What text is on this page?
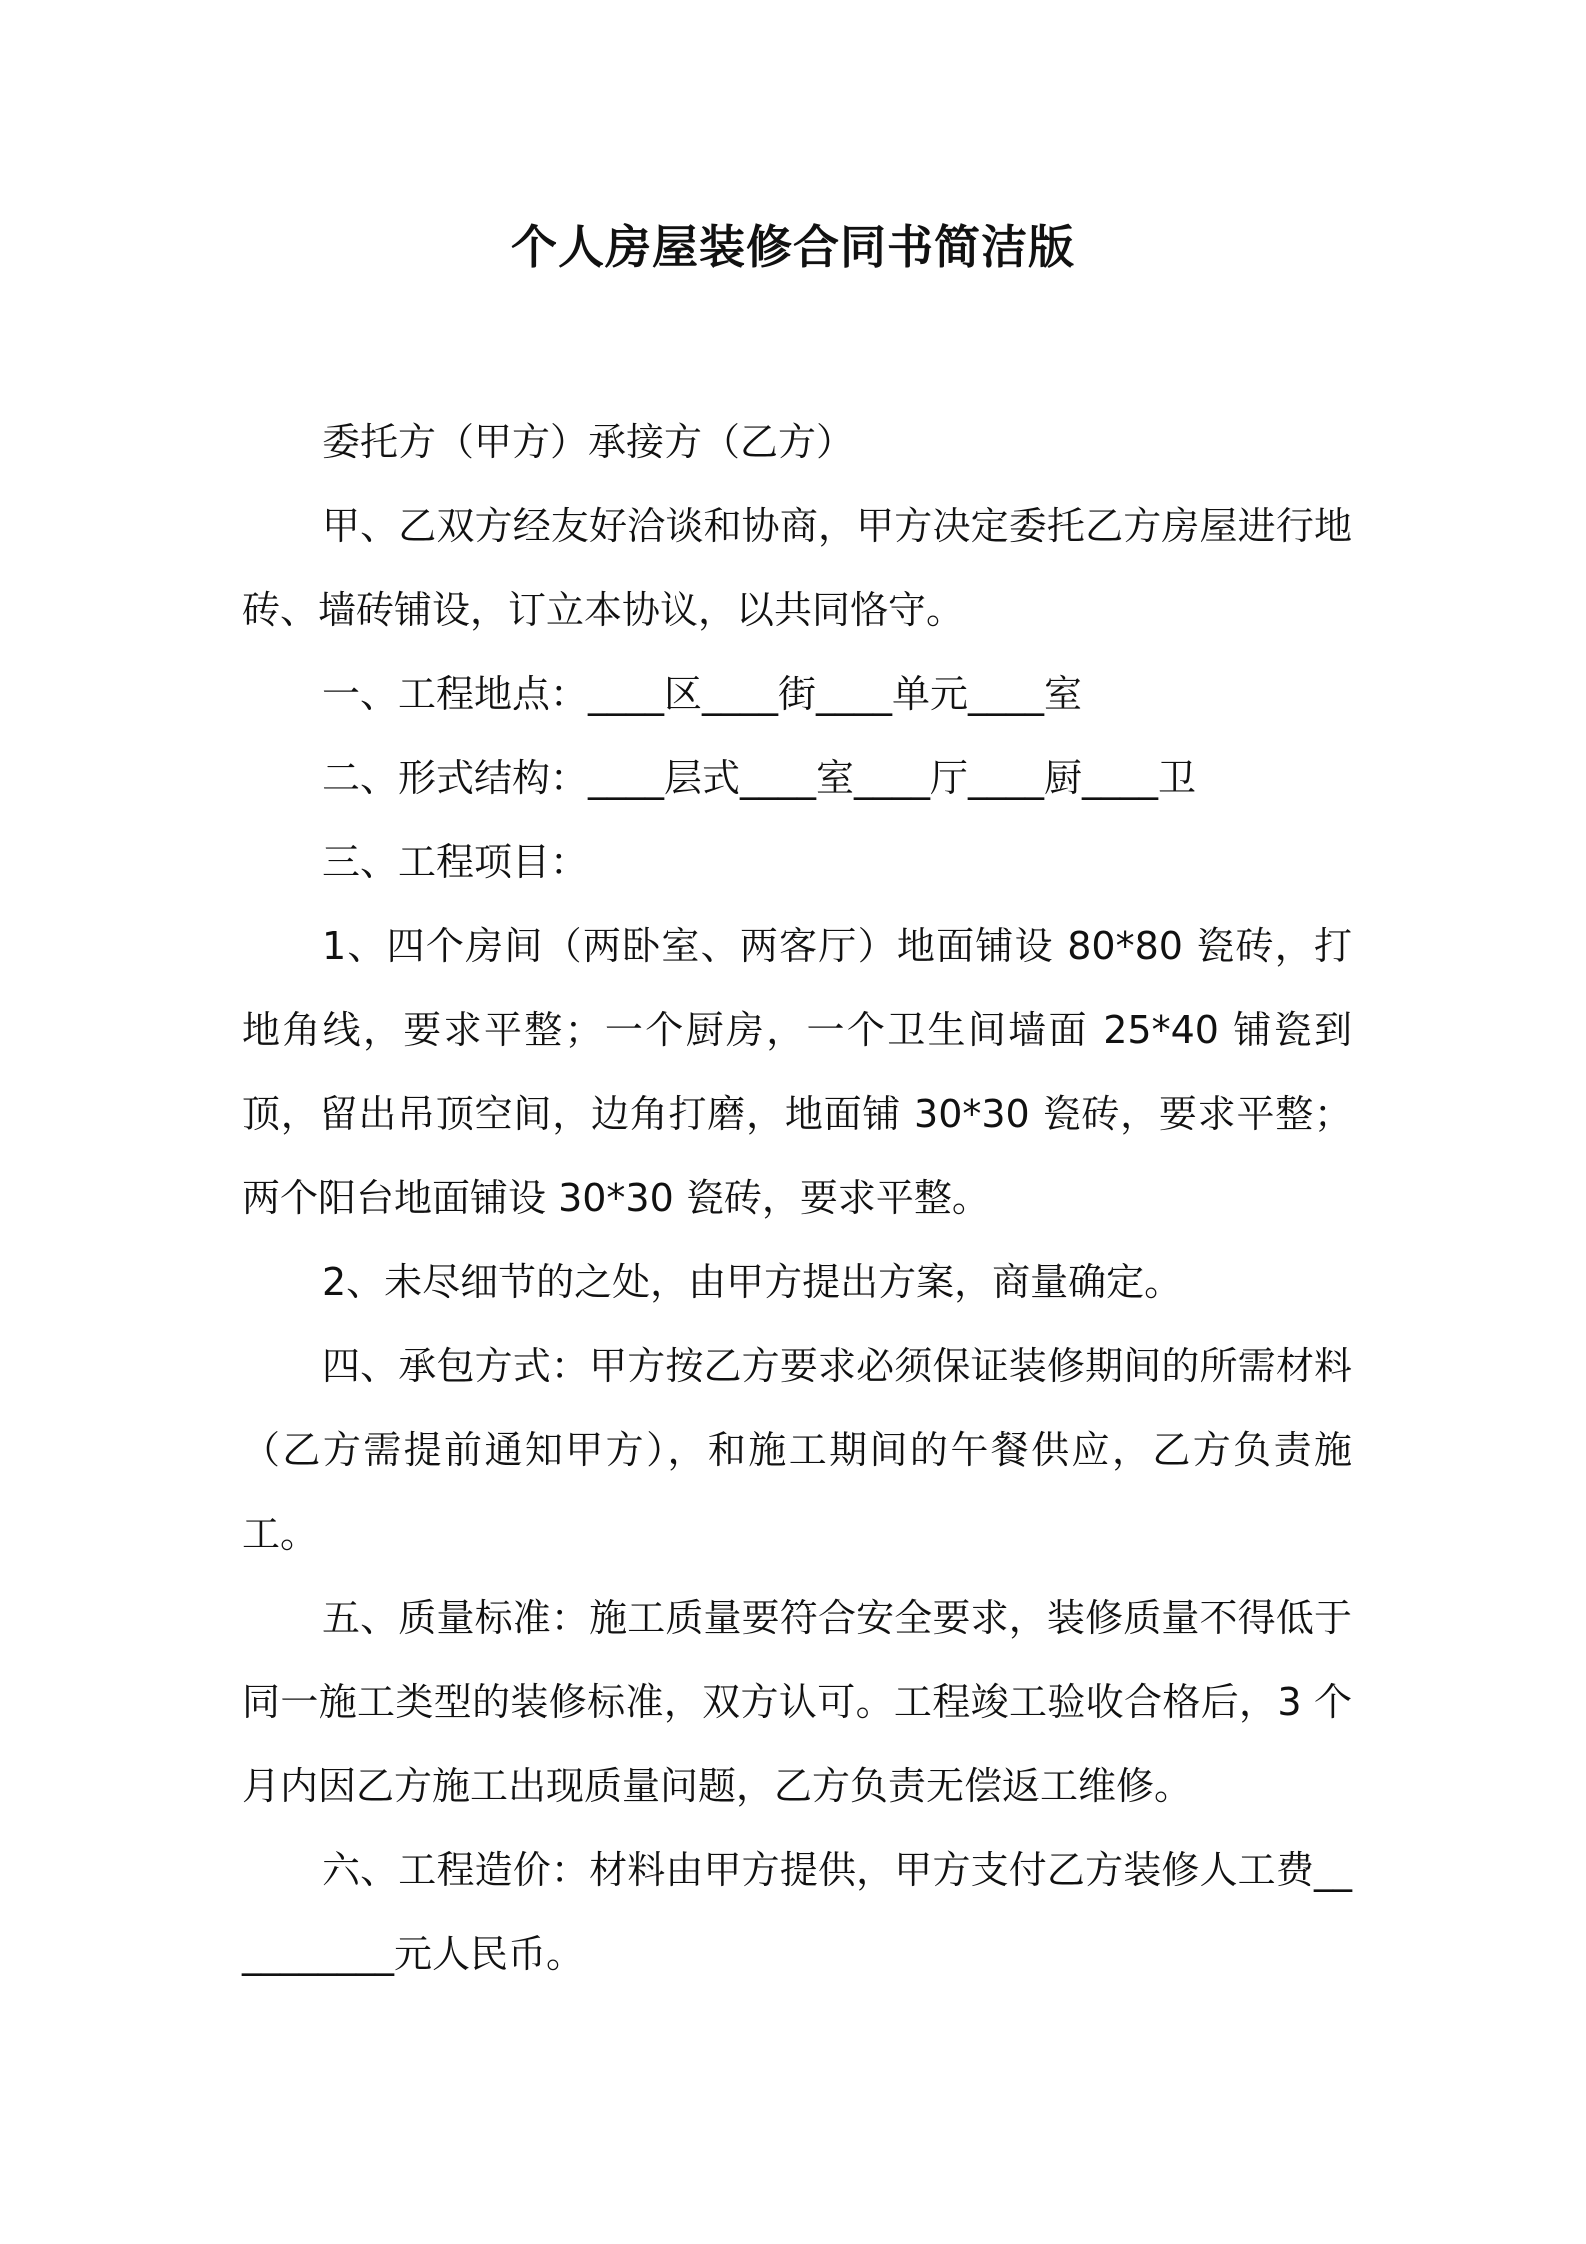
个人房屋装修合同书简洁版

委托方（甲方）承接方（乙方）

甲、乙双方经友好洽谈和协商，甲方决定委托乙方房屋进行地砖、墙砖铺设，订立本协议，以共同恪守。

一、工程地点：____区____街____单元____室

二、形式结构：____层式____室____厅____厨____卫

三、工程项目：

1、四个房间（两卧室、两客厅）地面铺设 80*80 瓷砖，打地角线，要求平整；一个厨房，一个卫生间墙面 25*40 铺瓷到顶，留出吊顶空间，边角打磨，地面铺 30*30 瓷砖，要求平整；两个阳台地面铺设 30*30 瓷砖，要求平整。

2、未尽细节的之处，由甲方提出方案，商量确定。

四、承包方式：甲方按乙方要求必须保证装修期间的所需材料（乙方需提前通知甲方），和施工期间的午餐供应，乙方负责施工。

五、质量标准：施工质量要符合安全要求，装修质量不得低于同一施工类型的装修标准，双方认可。工程竣工验收合格后，3 个月内因乙方施工出现质量问题，乙方负责无偿返工维修。

六、工程造价：材料由甲方提供，甲方支付乙方装修人工费__________元人民币。
